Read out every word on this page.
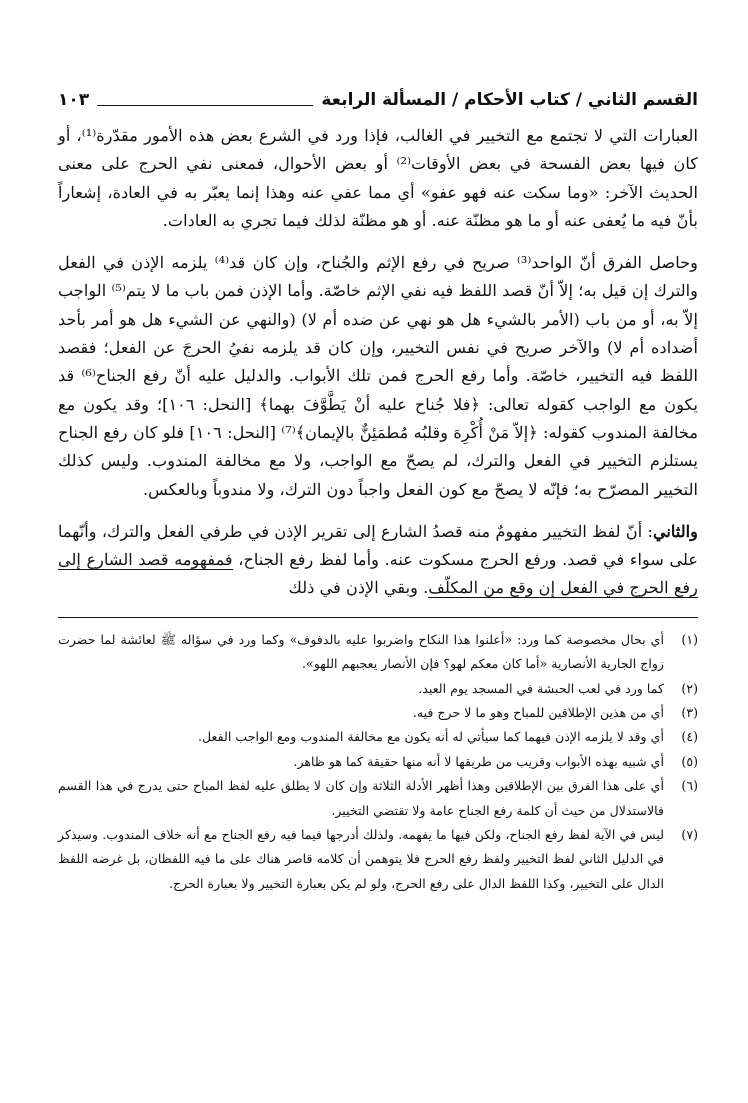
القسم الثاني / كتاب الأحكام / المسألة الرابعة
١٠٣

العبارات التي لا تجتمع مع التخيير في الغالب، فإذا ورد في الشرع بعض هذه الأمور مقدّرة⁽¹⁾، أو كان فيها بعض الفسحة في بعض الأوقات⁽²⁾ أو بعض الأحوال، فمعنى نفي الحرج على معنى الحديث الآخر: «وما سكت عنه فهو عفو» أي مما عفي عنه وهذا إنما يعبّر به في العادة، إشعاراً بأنّ فيه ما يُعفى عنه أو ما هو مظنّة عنه. أو هو مظنّة لذلك فيما تجري به العادات.

وحاصل الفرق أنّ الواحد⁽³⁾ صريح في رفع الإثم والجُناح، وإن كان قد⁽⁴⁾ يلزمه الإذن في الفعل والترك إن قيل به؛ إلاّ أنّ قصد اللفظ فيه نفي الإثم خاصّة. وأما الإذن فمن باب ما لا يتم⁽⁵⁾ الواجب إلاّ به، أو من باب (الأمر بالشيء هل هو نهي عن ضده أم لا) (والنهي عن الشيء هل هو أمر بأحد أضداده أم لا) والآخر صريح في نفس التخيير، وإن كان قد يلزمه نفيُ الحرجَ عن الفعل؛ فقصد اللفظ فيه التخيير، خاصّة. وأما رفع الحرج فمن تلك الأبواب. والدليل عليه أنّ رفع الجناح⁽⁶⁾ قد يكون مع الواجب كقوله تعالى: ﴿فلا جُناح عليه أنْ يَطَّوَّفَ بهما﴾ [النحل: ١٠٦]؛ وقد يكون مع مخالفة المندوب كقوله: ﴿إلاّ مَنْ أُكْرِهَ وقلبُه مُطمَئِنٌّ بالإيمان﴾⁽⁷⁾ [النحل: ١٠٦] فلو كان رفع الجناح يستلزم التخيير في الفعل والترك، لم يصحّ مع الواجب، ولا مع مخالفة المندوب. وليس كذلك التخيير المصرّح به؛ فإنّه لا يصحّ مع كون الفعل واجباً دون الترك، ولا مندوباً وبالعكس.

والثاني: أنّ لفظ التخيير مفهومٌ منه قصدُ الشارع إلى تقرير الإذن في طرفي الفعل والترك، وأنّهما على سواء في قصد. ورفع الحرج مسكوت عنه. وأما لفظ رفع الجناح، فمفهومه قصد الشارع إلى رفع الحرج في الفعل إن وقع من المكلّف. وبقي الإذن في ذلك

(١)
أي بحال مخصوصة كما ورد: «أعلنوا هذا النكاح واضربوا عليه بالدفوف» وكما ورد في سؤاله ﷺ لعائشة لما حضرت زواج الجارية الأنصارية «أما كان معكم لهو؟ فإن الأنصار يعجبهم اللهو».
(٢)
كما ورد في لعب الحبشة في المسجد يوم العيد.
(٣)
أي من هذين الإطلاقين للمباح وهو ما لا حرج فيه.
(٤)
أي وقد لا يلزمه الإذن فيهما كما سيأتي له أنه يكون مع مخالفة المندوب ومع الواجب الفعل.
(٥)
أي شبيه بهذه الأبواب وقريب من طريقها لا أنه منها حقيقة كما هو ظاهر.
(٦)
أي على هذا الفرق بين الإطلاقين وهذا أظهر الأدلة الثلاثة وإن كان لا يطلق عليه لفظ المباح حتى يدرج في هذا القسم فالاستدلال من حيث أن كلمة رفع الجناح عامة ولا تقتضي التخيير.
(٧)
ليس في الآية لفظ رفع الجناح، ولكن فيها ما يفهمه. ولذلك أدرجها فيما فيه رفع الجناح مع أنه خلاف المندوب. وسيذكر في الدليل الثاني لفظ التخيير ولفظ رفع الحرج فلا يتوهمن أن كلامه قاصر هناك على ما فيه اللفظان، بل غرضه اللفظ الدال على التخيير، وكذا اللفظ الدال على رفع الحرج، ولو لم يكن بعبارة التخيير ولا بعبارة الحرج.
